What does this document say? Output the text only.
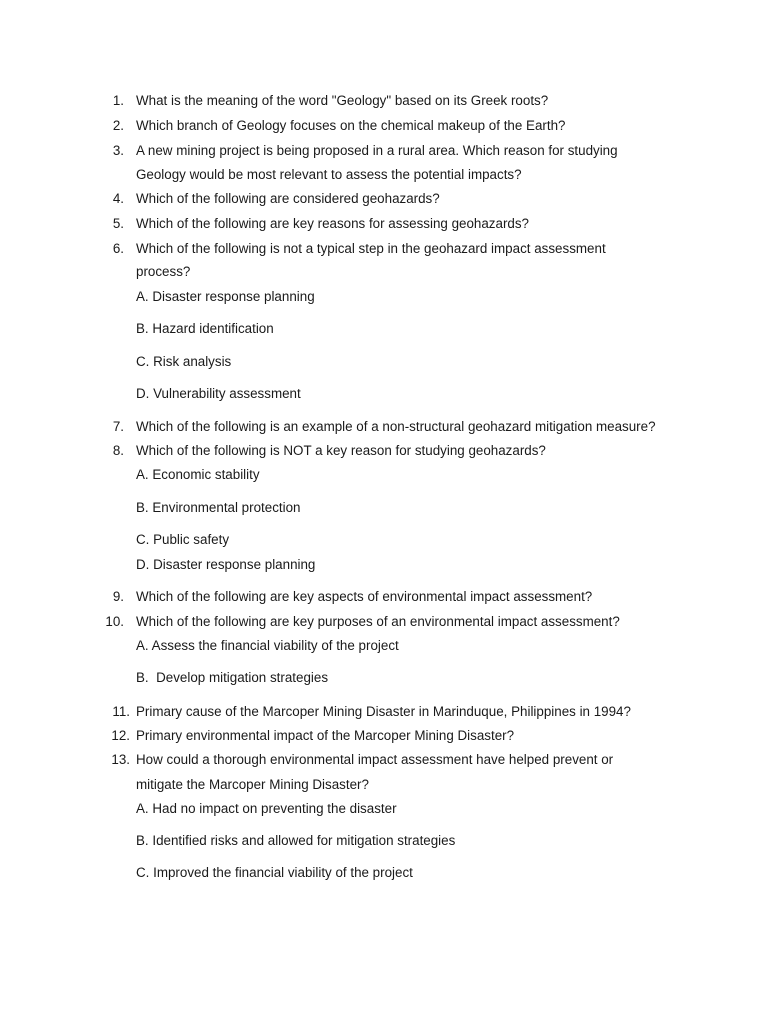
1. What is the meaning of the word "Geology" based on its Greek roots?
2. Which branch of Geology focuses on the chemical makeup of the Earth?
3. A new mining project is being proposed in a rural area. Which reason for studying
Geology would be most relevant to assess the potential impacts?
4. Which of the following are considered geohazards?
5. Which of the following are key reasons for assessing geohazards?
6. Which of the following is not a typical step in the geohazard impact assessment
process?
A. Disaster response planning
B. Hazard identification
C. Risk analysis
D. Vulnerability assessment
7. Which of the following is an example of a non-structural geohazard mitigation measure?
8. Which of the following is NOT a key reason for studying geohazards?
A. Economic stability
B. Environmental protection
C. Public safety
D. Disaster response planning
9. Which of the following are key aspects of environmental impact assessment?
10. Which of the following are key purposes of an environmental impact assessment?
A. Assess the financial viability of the project
B.  Develop mitigation strategies
11. Primary cause of the Marcoper Mining Disaster in Marinduque, Philippines in 1994?
12. Primary environmental impact of the Marcoper Mining Disaster?
13. How could a thorough environmental impact assessment have helped prevent or
mitigate the Marcoper Mining Disaster?
A. Had no impact on preventing the disaster
B. Identified risks and allowed for mitigation strategies
C. Improved the financial viability of the project
